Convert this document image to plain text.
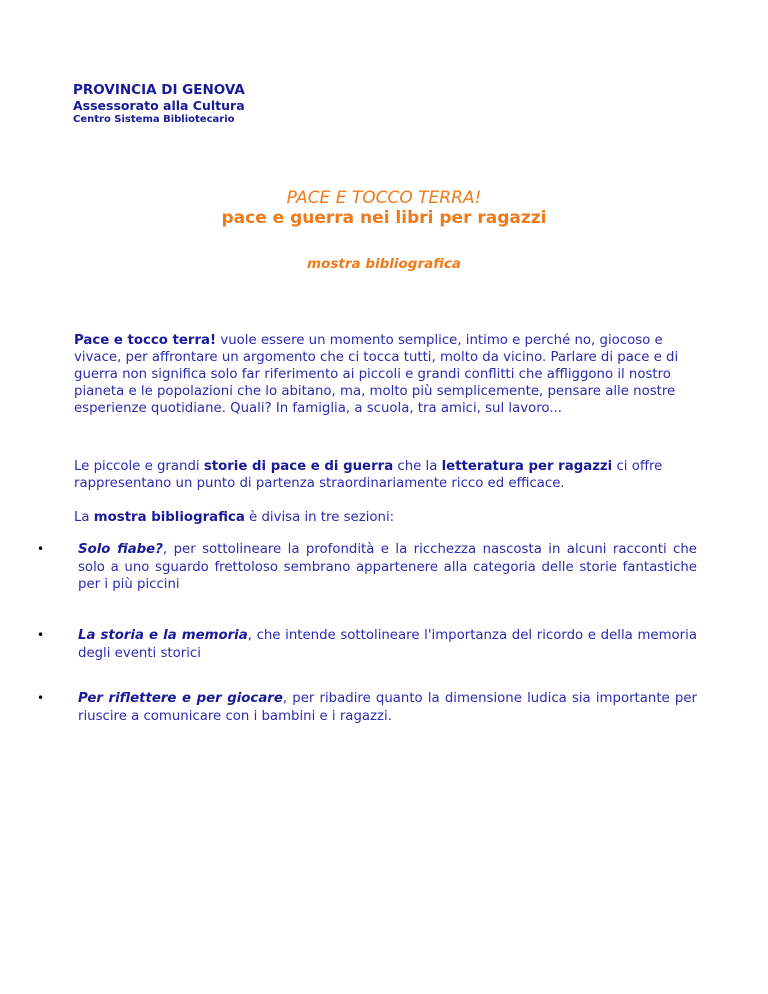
PROVINCIA DI GENOVA
Assessorato alla Cultura
Centro Sistema Bibliotecario
PACE E TOCCO TERRA!
pace e guerra nei libri per ragazzi
mostra bibliografica
Pace e tocco terra! vuole essere un momento semplice, intimo e perché no, giocoso e vivace, per affrontare un argomento che ci tocca tutti, molto da vicino. Parlare di pace e di guerra non significa solo far riferimento ai piccoli e grandi conflitti che affliggono il nostro pianeta e le popolazioni che lo abitano, ma, molto più semplicemente, pensare alle nostre esperienze quotidiane. Quali? In famiglia, a scuola, tra amici, sul lavoro...
Le piccole e grandi storie di pace e di guerra che la letteratura per ragazzi ci offre rappresentano un punto di partenza straordinariamente ricco ed efficace.
La mostra bibliografica è divisa in tre sezioni:
•	Solo fiabe?, per sottolineare la profondità e la ricchezza nascosta in alcuni racconti che solo a uno sguardo frettoloso sembrano appartenere alla categoria delle storie fantastiche per i più piccini
•	La storia e la memoria, che intende sottolineare l'importanza del ricordo e della memoria degli eventi storici
•	Per riflettere e per giocare, per ribadire quanto la dimensione ludica sia importante per riuscire a comunicare con i bambini e i ragazzi.
